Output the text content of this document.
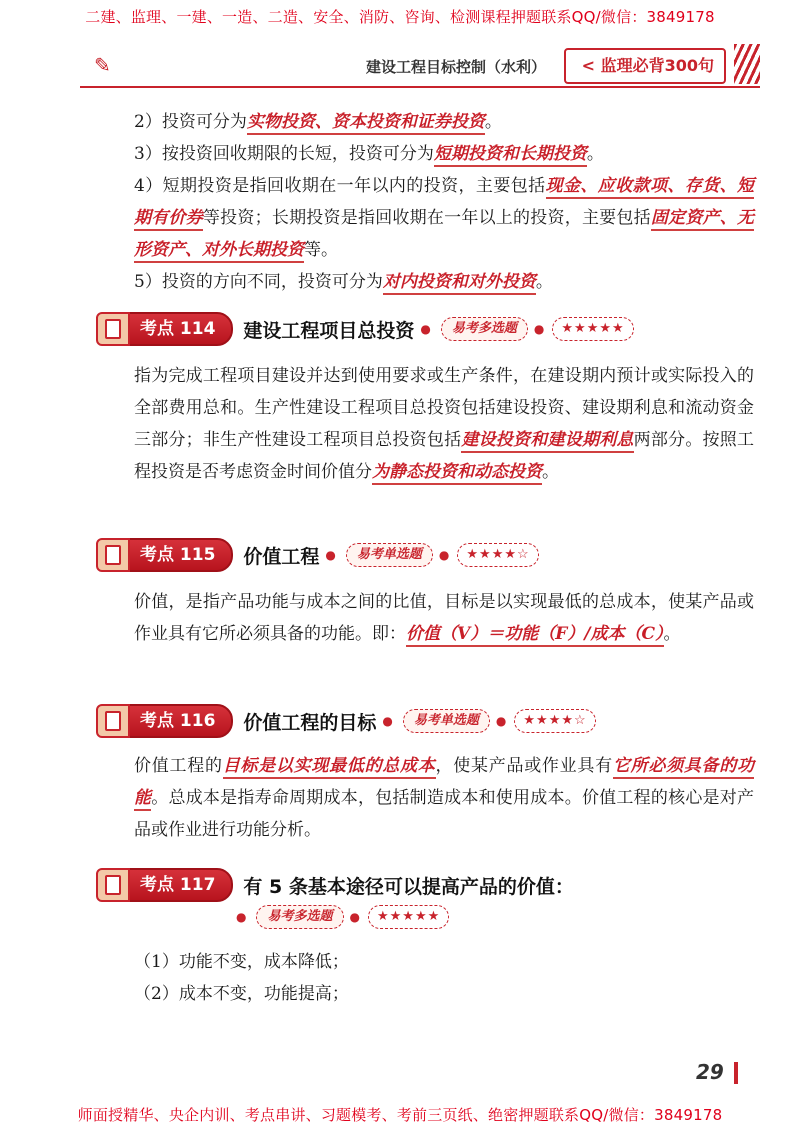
二建、监理、一建、一造、二造、安全、消防、咨询、检测课程押题联系QQ/微信：3849178
✎	建设工程目标控制（水利）	< 监理必背300句

2）投资可分为实物投资、资本投资和证券投资。

3）按投资回收期限的长短，投资可分为短期投资和长期投资。

4）短期投资是指回收期在一年以内的投资，主要包括现金、应收款项、存货、短期有价券等投资；长期投资是指回收期在一年以上的投资，主要包括固定资产、无形资产、对外长期投资等。

5）投资的方向不同，投资可分为对内投资和对外投资。

考点 114	建设工程项目总投资 ●	易考多选题	●	★★★★★

指为完成工程项目建设并达到使用要求或生产条件，在建设期内预计或实际投入的全部费用总和。生产性建设工程项目总投资包括建设投资、建设期利息和流动资金三部分；非生产性建设工程项目总投资包括建设投资和建设期利息两部分。按照工程投资是否考虑资金时间价值分为静态投资和动态投资。

考点 115	价值工程 ●	易考单选题	●	★★★★☆

价值，是指产品功能与成本之间的比值，目标是以实现最低的总成本，使某产品或作业具有它所必须具备的功能。即：价值（V）＝功能（F）/成本（C）。

考点 116	价值工程的目标 ●	易考单选题	●	★★★★☆

价值工程的目标是以实现最低的总成本，使某产品或作业具有它所必须具备的功能。总成本是指寿命周期成本，包括制造成本和使用成本。价值工程的核心是对产品或作业进行功能分析。

考点 117	有 5 条基本途径可以提高产品的价值：
●	易考多选题	●	★★★★★

（1）功能不变，成本降低；

（2）成本不变，功能提高；

29
师面授精华、央企内训、考点串讲、习题模考、考前三页纸、绝密押题联系QQ/微信：3849178
